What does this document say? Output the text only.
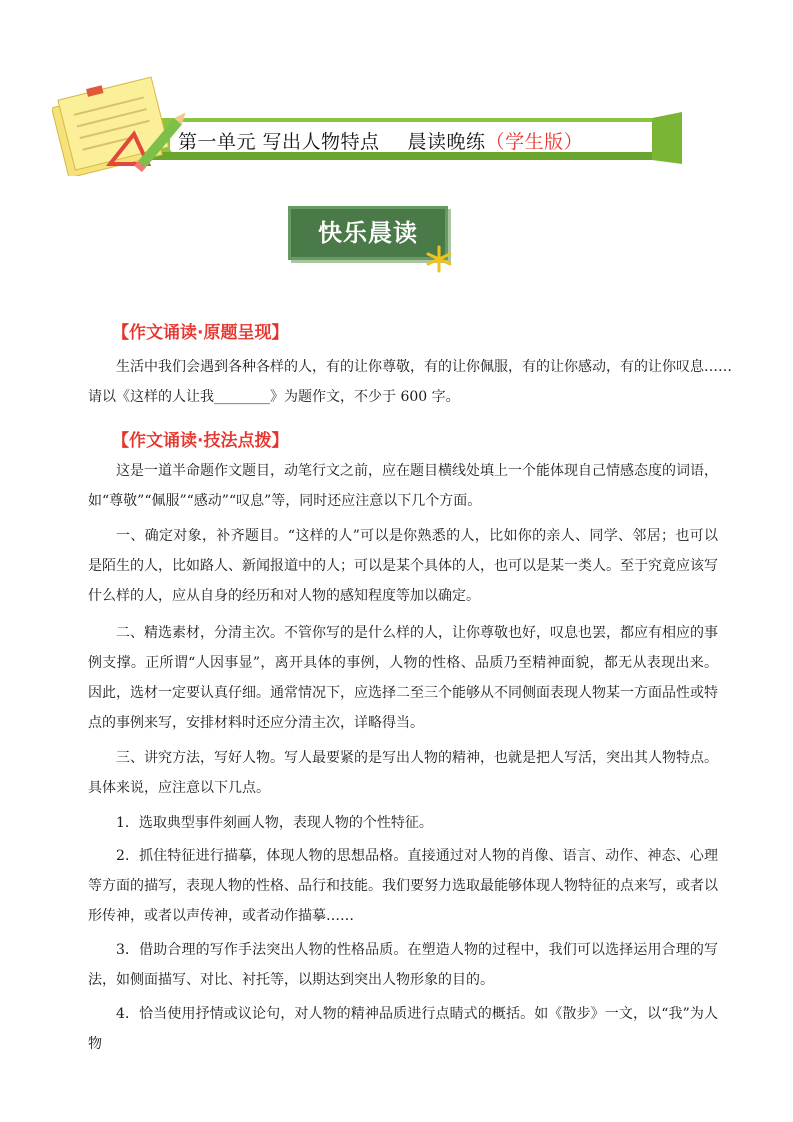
第一单元 写出人物特点 晨读晚练（学生版）
快乐晨读
【作文诵读·原题呈现】
生活中我们会遇到各种各样的人，有的让你尊敬，有的让你佩服，有的让你感动，有的让你叹息……
请以《这样的人让我________》为题作文，不少于 600 字。
【作文诵读·技法点拨】
这是一道半命题作文题目，动笔行文之前，应在题目横线处填上一个能体现自己情感态度的词语，如“尊敬”“佩服”“感动”“叹息”等，同时还应注意以下几个方面。
一、确定对象，补齐题目。“这样的人”可以是你熟悉的人，比如你的亲人、同学、邻居；也可以是陌生的人，比如路人、新闻报道中的人；可以是某个具体的人，也可以是某一类人。至于究竟应该写什么样的人，应从自身的经历和对人物的感知程度等加以确定。
二、精选素材，分清主次。不管你写的是什么样的人，让你尊敬也好，叹息也罢，都应有相应的事例支撑。正所谓“人因事显”，离开具体的事例，人物的性格、品质乃至精神面貌，都无从表现出来。因此，选材一定要认真仔细。通常情况下，应选择二至三个能够从不同侧面表现人物某一方面品性或特点的事例来写，安排材料时还应分清主次，详略得当。
三、讲究方法，写好人物。写人最要紧的是写出人物的精神，也就是把人写活，突出其人物特点。具体来说，应注意以下几点。
1．选取典型事件刻画人物，表现人物的个性特征。
2．抓住特征进行描摹，体现人物的思想品格。直接通过对人物的肖像、语言、动作、神态、心理等方面的描写，表现人物的性格、品行和技能。我们要努力选取最能够体现人物特征的点来写，或者以形传神，或者以声传神，或者动作描摹……
3．借助合理的写作手法突出人物的性格品质。在塑造人物的过程中，我们可以选择运用合理的写法，如侧面描写、对比、衬托等，以期达到突出人物形象的目的。
4．恰当使用抒情或议论句，对人物的精神品质进行点睛式的概括。如《散步》一文，以“我”为人物
